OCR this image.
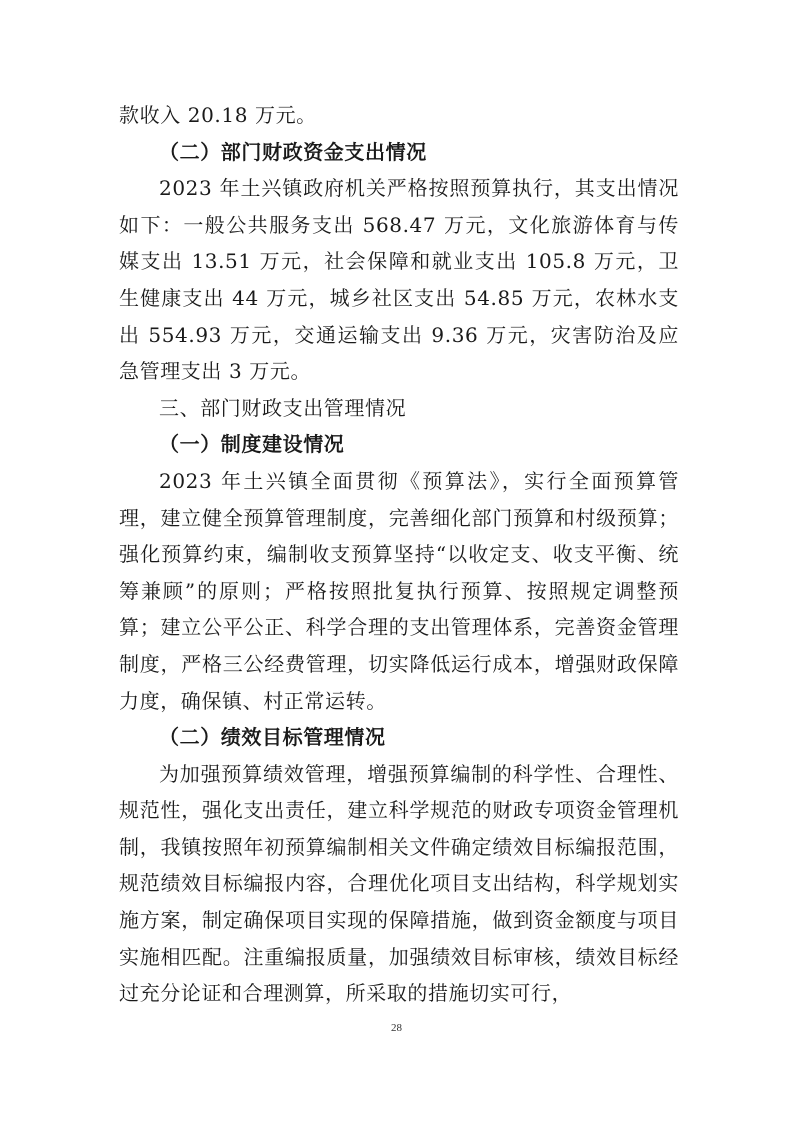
款收入 20.18 万元。

（二）部门财政资金支出情况

2023 年土兴镇政府机关严格按照预算执行，其支出情况如下：一般公共服务支出 568.47 万元，文化旅游体育与传媒支出 13.51 万元，社会保障和就业支出 105.8 万元，卫生健康支出 44 万元，城乡社区支出 54.85 万元，农林水支出 554.93 万元，交通运输支出 9.36 万元，灾害防治及应急管理支出 3 万元。

三、部门财政支出管理情况

（一）制度建设情况

2023 年土兴镇全面贯彻《预算法》，实行全面预算管理，建立健全预算管理制度，完善细化部门预算和村级预算；强化预算约束，编制收支预算坚持“以收定支、收支平衡、统筹兼顾”的原则；严格按照批复执行预算、按照规定调整预算；建立公平公正、科学合理的支出管理体系，完善资金管理制度，严格三公经费管理，切实降低运行成本，增强财政保障力度，确保镇、村正常运转。

（二）绩效目标管理情况

为加强预算绩效管理，增强预算编制的科学性、合理性、规范性，强化支出责任，建立科学规范的财政专项资金管理机制，我镇按照年初预算编制相关文件确定绩效目标编报范围，规范绩效目标编报内容，合理优化项目支出结构，科学规划实施方案，制定确保项目实现的保障措施，做到资金额度与项目实施相匹配。注重编报质量，加强绩效目标审核，绩效目标经过充分论证和合理测算，所采取的措施切实可行，

28
